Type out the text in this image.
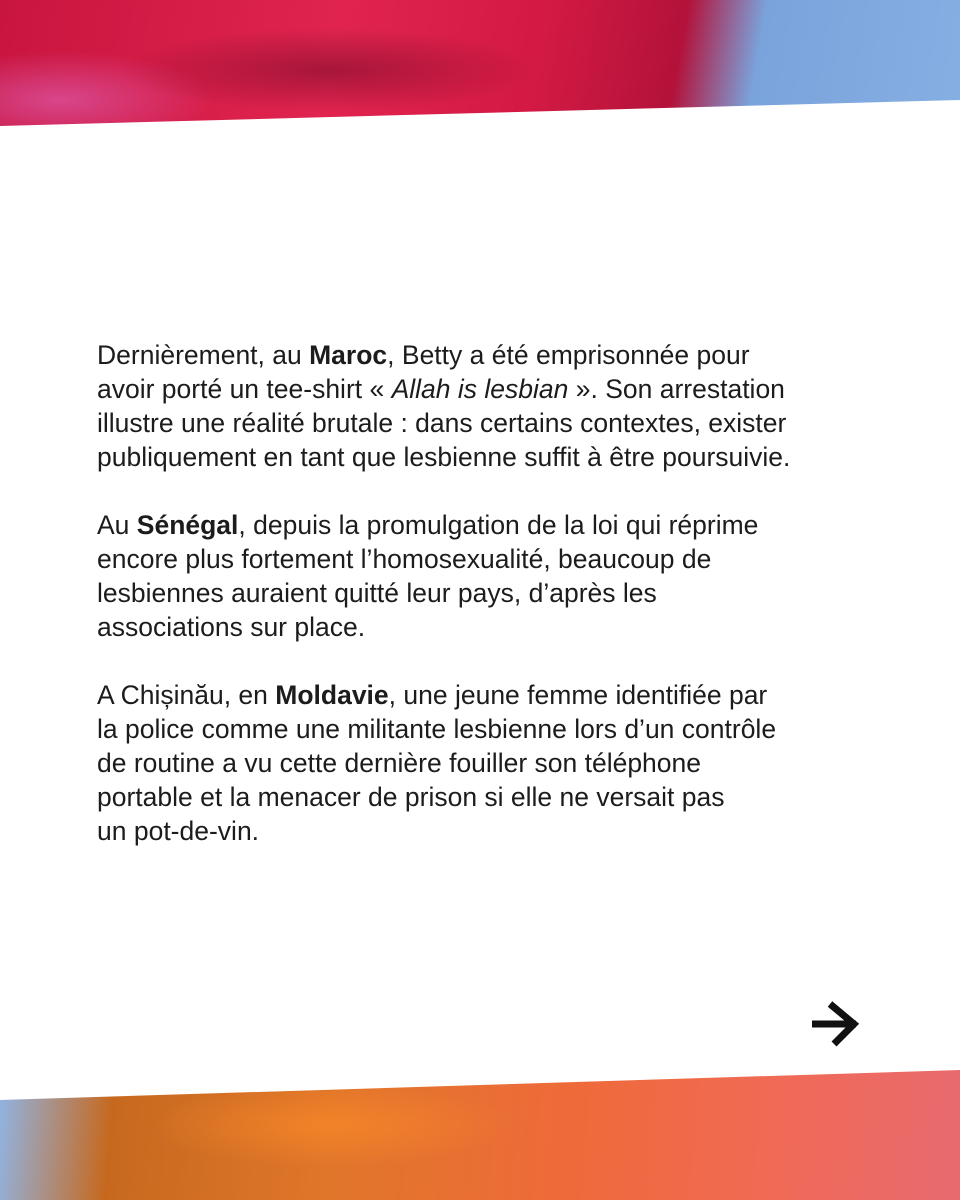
Dernièrement, au Maroc, Betty a été emprisonnée pour
avoir porté un tee-shirt « Allah is lesbian ». Son arrestation
illustre une réalité brutale : dans certains contextes, exister
publiquement en tant que lesbienne suffit à être poursuivie.

Au Sénégal, depuis la promulgation de la loi qui réprime
encore plus fortement l’homosexualité, beaucoup de
lesbiennes auraient quitté leur pays, d’après les
associations sur place.

A Chișinău, en Moldavie, une jeune femme identifiée par
la police comme une militante lesbienne lors d’un contrôle
de routine a vu cette dernière fouiller son téléphone
portable et la menacer de prison si elle ne versait pas
un pot-de-vin.
